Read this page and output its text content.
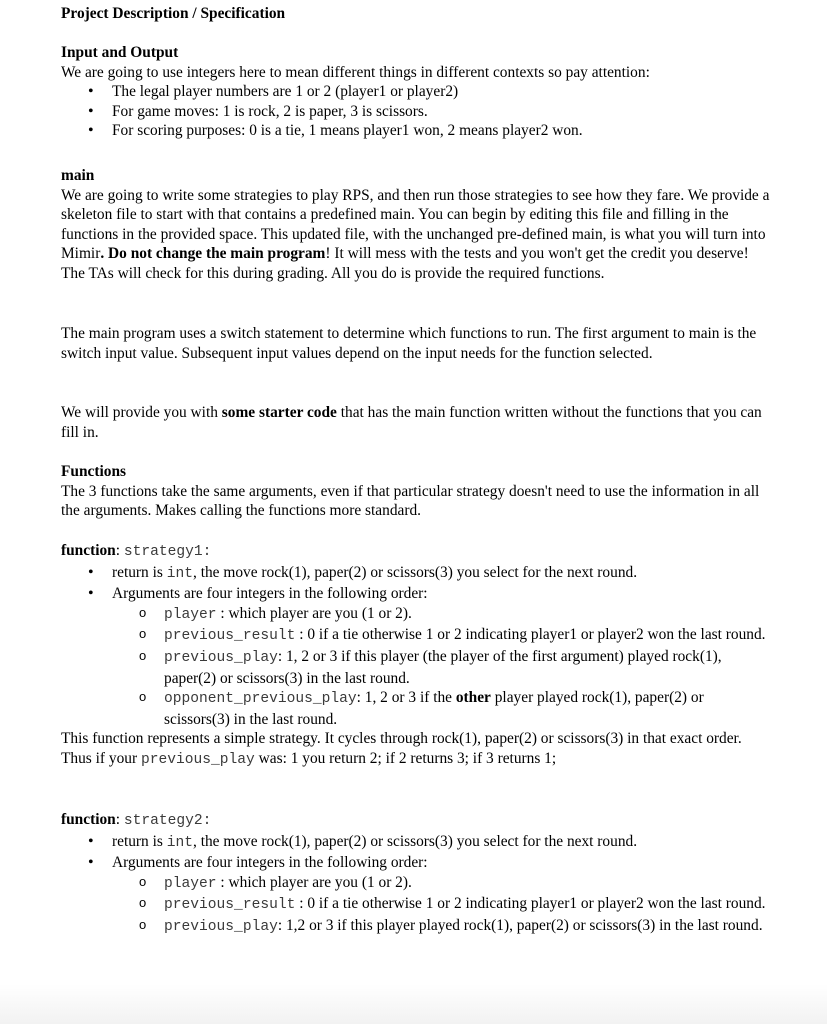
Project Description / Specification
Input and Output

We are going to use integers here to mean different things in different contexts so pay attention:

• The legal player numbers are 1 or 2 (player1 or player2)
• For game moves: 1 is rock, 2 is paper, 3 is scissors.
• For scoring purposes: 0 is a tie, 1 means player1 won, 2 means player2 won.
main

We are going to write some strategies to play RPS, and then run those strategies to see how they fare. We provide a skeleton file to start with that contains a predefined main. You can begin by editing this file and filling in the functions in the provided space. This updated file, with the unchanged pre-defined main, is what you will turn into Mimir. Do not change the main program! It will mess with the tests and you won't get the credit you deserve! The TAs will check for this during grading. All you do is provide the required functions.

The main program uses a switch statement to determine which functions to run. The first argument to main is the switch input value. Subsequent input values depend on the input needs for the function selected.

We will provide you with some starter code that has the main function written without the functions that you can fill in.

Functions

The 3 functions take the same arguments, even if that particular strategy doesn't need to use the information in all the arguments. Makes calling the functions more standard.

function: strategy1:
• return is int, the move rock(1), paper(2) or scissors(3) you select for the next round.
• Arguments are four integers in the following order:
o player : which player are you (1 or 2).
o previous_result : 0 if a tie otherwise 1 or 2 indicating player1 or player2 won the last round.
o previous_play: 1, 2 or 3 if this player (the player of the first argument) played rock(1), paper(2) or scissors(3) in the last round.
o opponent_previous_play: 1, 2 or 3 if the other player played rock(1), paper(2) or scissors(3) in the last round.

This function represents a simple strategy. It cycles through rock(1), paper(2) or scissors(3) in that exact order. Thus if your previous_play was: 1 you return 2; if 2 returns 3; if 3 returns 1;

function: strategy2:
• return is int, the move rock(1), paper(2) or scissors(3) you select for the next round.
• Arguments are four integers in the following order:
o player : which player are you (1 or 2).
o previous_result : 0 if a tie otherwise 1 or 2 indicating player1 or player2 won the last round.
o previous_play: 1,2 or 3 if this player played rock(1), paper(2) or scissors(3) in the last round.
